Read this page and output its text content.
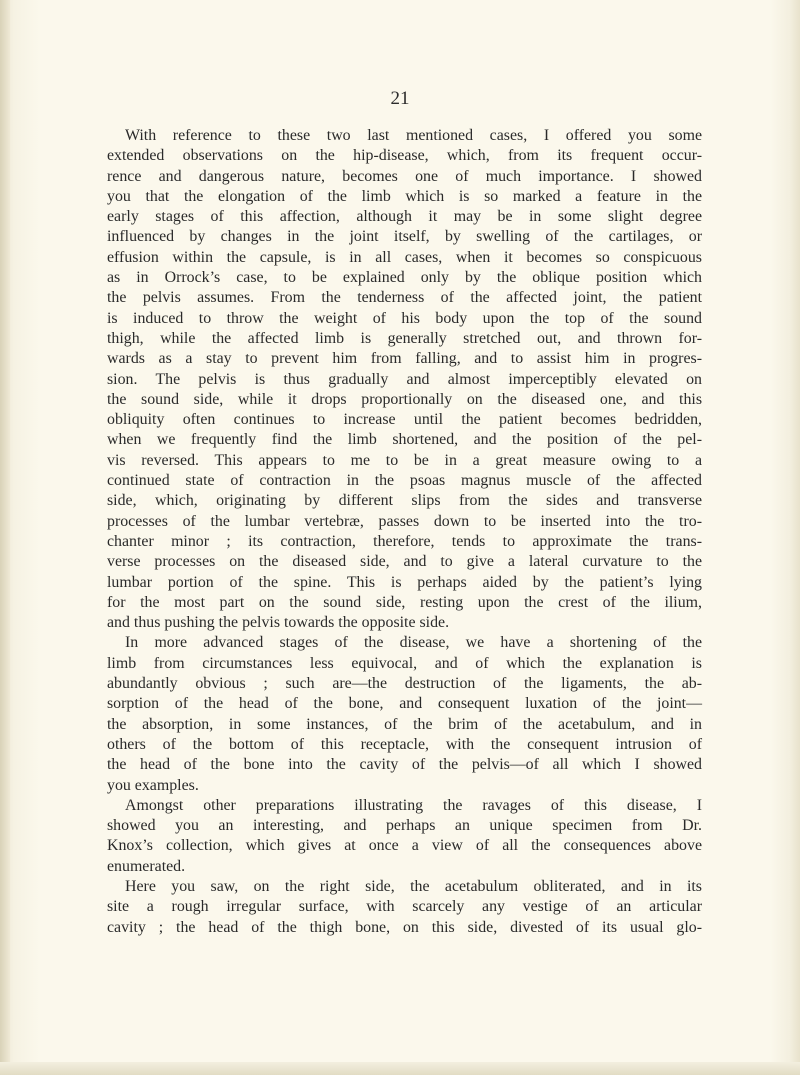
21
With reference to these two last mentioned cases, I offered you some
extended observations on the hip-disease, which, from its frequent occur-
rence and dangerous nature, becomes one of much importance. I showed
you that the elongation of the limb which is so marked a feature in the
early stages of this affection, although it may be in some slight degree
influenced by changes in the joint itself, by swelling of the cartilages, or
effusion within the capsule, is in all cases, when it becomes so conspicuous
as in Orrock’s case, to be explained only by the oblique position which
the pelvis assumes. From the tenderness of the affected joint, the patient
is induced to throw the weight of his body upon the top of the sound
thigh, while the affected limb is generally stretched out, and thrown for-
wards as a stay to prevent him from falling, and to assist him in progres-
sion. The pelvis is thus gradually and almost imperceptibly elevated on
the sound side, while it drops proportionally on the diseased one, and this
obliquity often continues to increase until the patient becomes bedridden,
when we frequently find the limb shortened, and the position of the pel-
vis reversed. This appears to me to be in a great measure owing to a
continued state of contraction in the psoas magnus muscle of the affected
side, which, originating by different slips from the sides and transverse
processes of the lumbar vertebræ, passes down to be inserted into the tro-
chanter minor ; its contraction, therefore, tends to approximate the trans-
verse processes on the diseased side, and to give a lateral curvature to the
lumbar portion of the spine. This is perhaps aided by the patient’s lying
for the most part on the sound side, resting upon the crest of the ilium,
and thus pushing the pelvis towards the opposite side.
In more advanced stages of the disease, we have a shortening of the
limb from circumstances less equivocal, and of which the explanation is
abundantly obvious ; such are—the destruction of the ligaments, the ab-
sorption of the head of the bone, and consequent luxation of the joint—
the absorption, in some instances, of the brim of the acetabulum, and in
others of the bottom of this receptacle, with the consequent intrusion of
the head of the bone into the cavity of the pelvis—of all which I showed
you examples.
Amongst other preparations illustrating the ravages of this disease, I
showed you an interesting, and perhaps an unique specimen from Dr.
Knox’s collection, which gives at once a view of all the consequences above
enumerated.
Here you saw, on the right side, the acetabulum obliterated, and in its
site a rough irregular surface, with scarcely any vestige of an articular
cavity ; the head of the thigh bone, on this side, divested of its usual glo-
